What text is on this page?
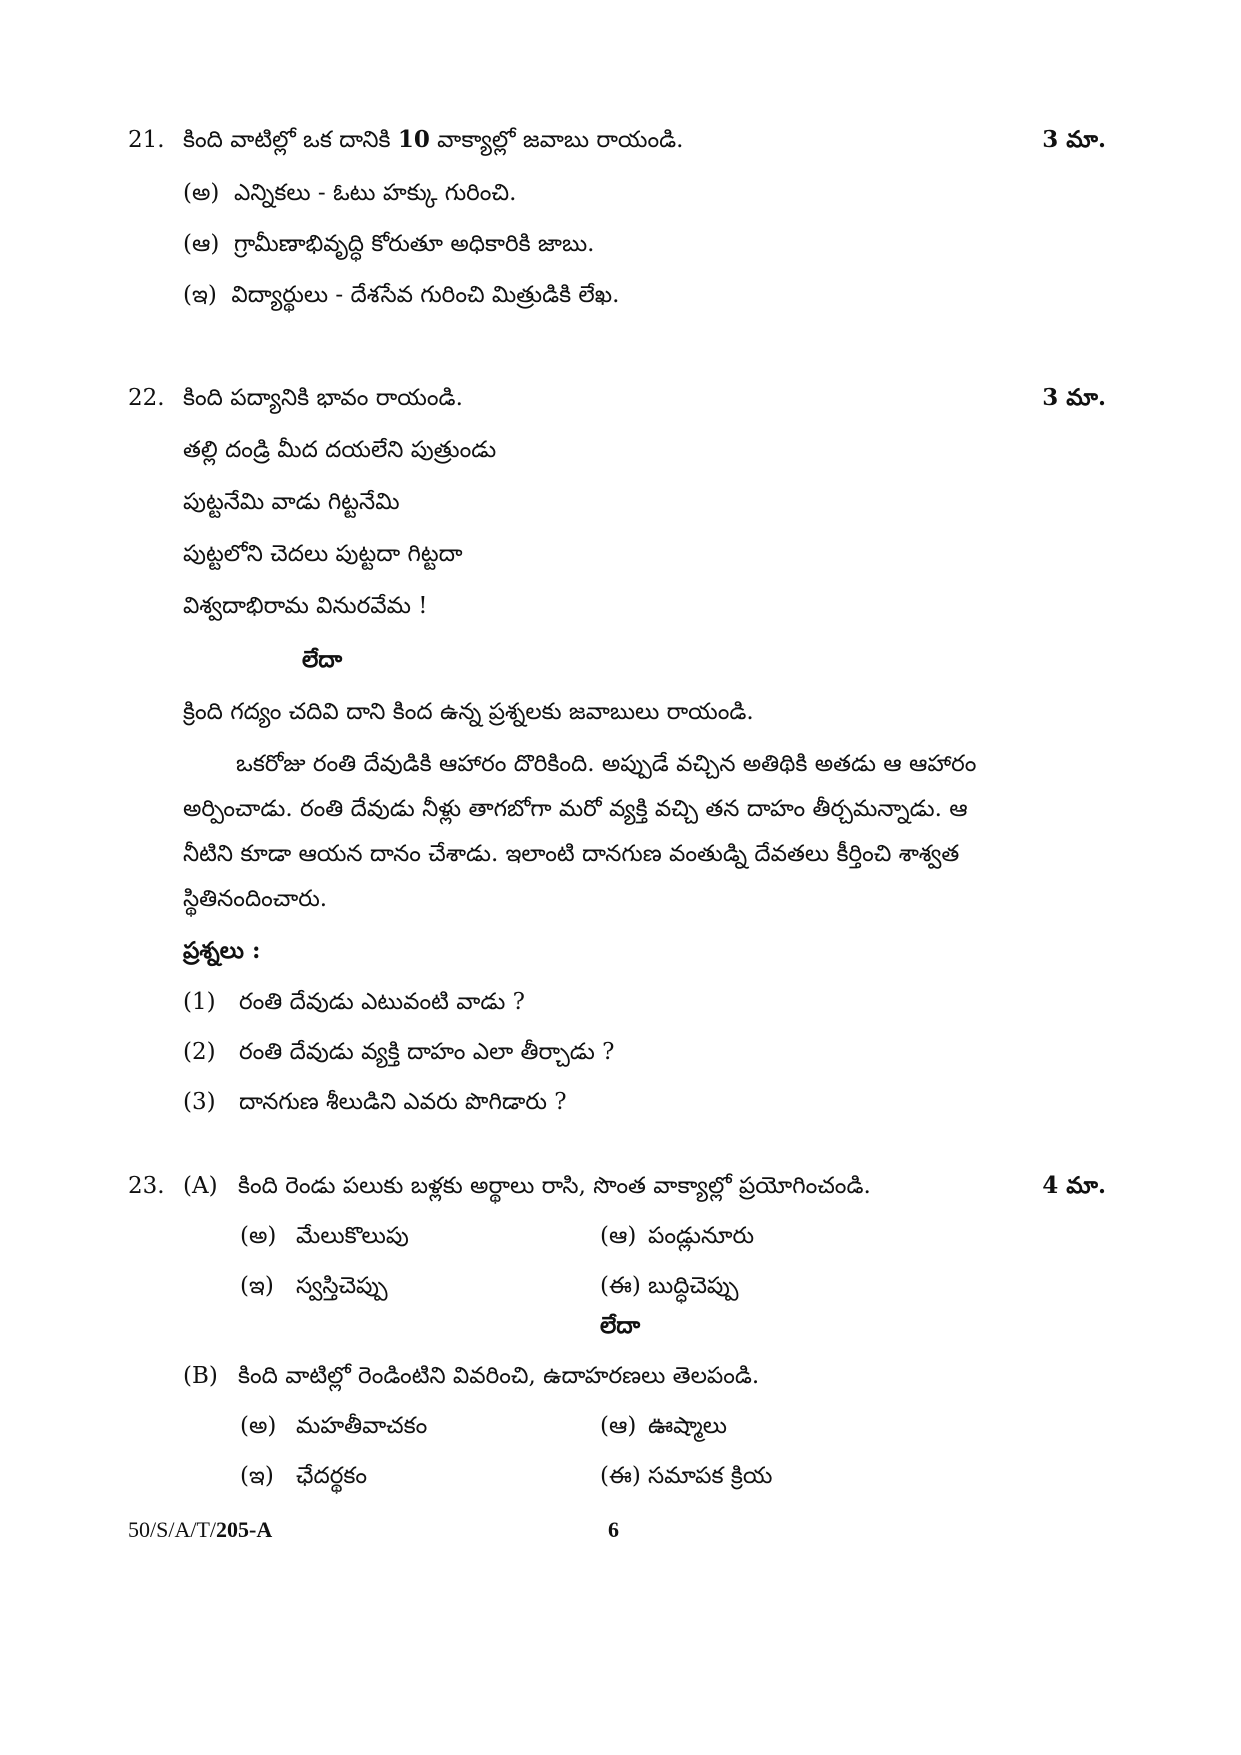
21. కింది వాటిల్లో ఒక దానికి 10 వాక్యాల్లో జవాబు రాయండి.	3 మా.
(అ) ఎన్నికలు - ఓటు హక్కు గురించి.
(ఆ) గ్రామీణాభివృద్ధి కోరుతూ అధికారికి జాబు.
(ఇ) విద్యార్థులు - దేశసేవ గురించి మిత్రుడికి లేఖ.
22. కింది పద్యానికి భావం రాయండి.	3 మా.
తల్లి దండ్రి మీద దయలేని పుత్రుండు
పుట్టనేమి వాడు గిట్టనేమి
పుట్టలోని చెదలు పుట్టదా గిట్టదా
విశ్వదాభిరామ వినురవేమ !
లేదా
క్రింది గద్యం చదివి దాని కింద ఉన్న ప్రశ్నలకు జవాబులు రాయండి.
ఒకరోజు రంతి దేవుడికి ఆహారం దొరికింది. అప్పుడే వచ్చిన అతిథికి అతడు ఆ ఆహారం
అర్పించాడు. రంతి దేవుడు నీళ్లు తాగబోగా మరో వ్యక్తి వచ్చి తన దాహం తీర్చమన్నాడు. ఆ
నీటిని కూడా ఆయన దానం చేశాడు. ఇలాంటి దానగుణ వంతుడ్ని దేవతలు కీర్తించి శాశ్వత
స్థితినందించారు.
ప్రశ్నలు :
(1) రంతి దేవుడు ఎటువంటి వాడు ?
(2) రంతి దేవుడు వ్యక్తి దాహం ఎలా తీర్చాడు ?
(3) దానగుణ శీలుడిని ఎవరు పొగిడారు ?
23. (A) కింది రెండు పలుకు బళ్లకు అర్థాలు రాసి, సొంత వాక్యాల్లో ప్రయోగించండి.	4 మా.
(అ) మేలుకొలుపు	(ఆ) పండ్లునూరు
(ఇ) స్వస్తిచెప్పు	(ఈ) బుద్ధిచెప్పు
లేదా
(B) కింది వాటిల్లో రెండింటిని వివరించి, ఉదాహరణలు తెలపండి.
(అ) మహతీవాచకం	(ఆ) ఊష్మాలు
(ఇ) ఛేదర్థకం	(ఈ) సమాపక క్రియ
50/S/A/T/205-A	6
